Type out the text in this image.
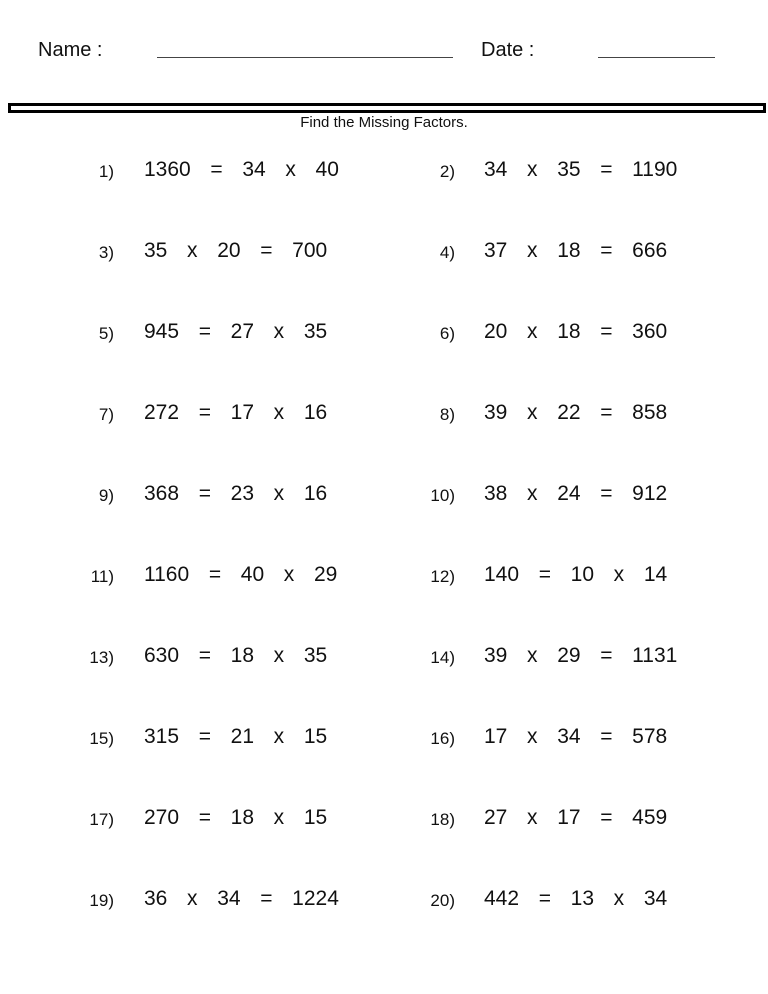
Name :	Date :
Find the Missing Factors.
1) 1360  =  34  x  40	2) 34  x  35  =  1190
3) 35  x  20  =  700	4) 37  x  18  =  666
5) 945  =  27  x  35	6) 20  x  18  =  360
7) 272  =  17  x  16	8) 39  x  22  =  858
9) 368  =  23  x  16	10) 38  x  24  =  912
11) 1160  =  40  x  29	12) 140  =  10  x  14
13) 630  =  18  x  35	14) 39  x  29  =  1131
15) 315  =  21  x  15	16) 17  x  34  =  578
17) 270  =  18  x  15	18) 27  x  17  =  459
19) 36  x  34  =  1224	20) 442  =  13  x  34
